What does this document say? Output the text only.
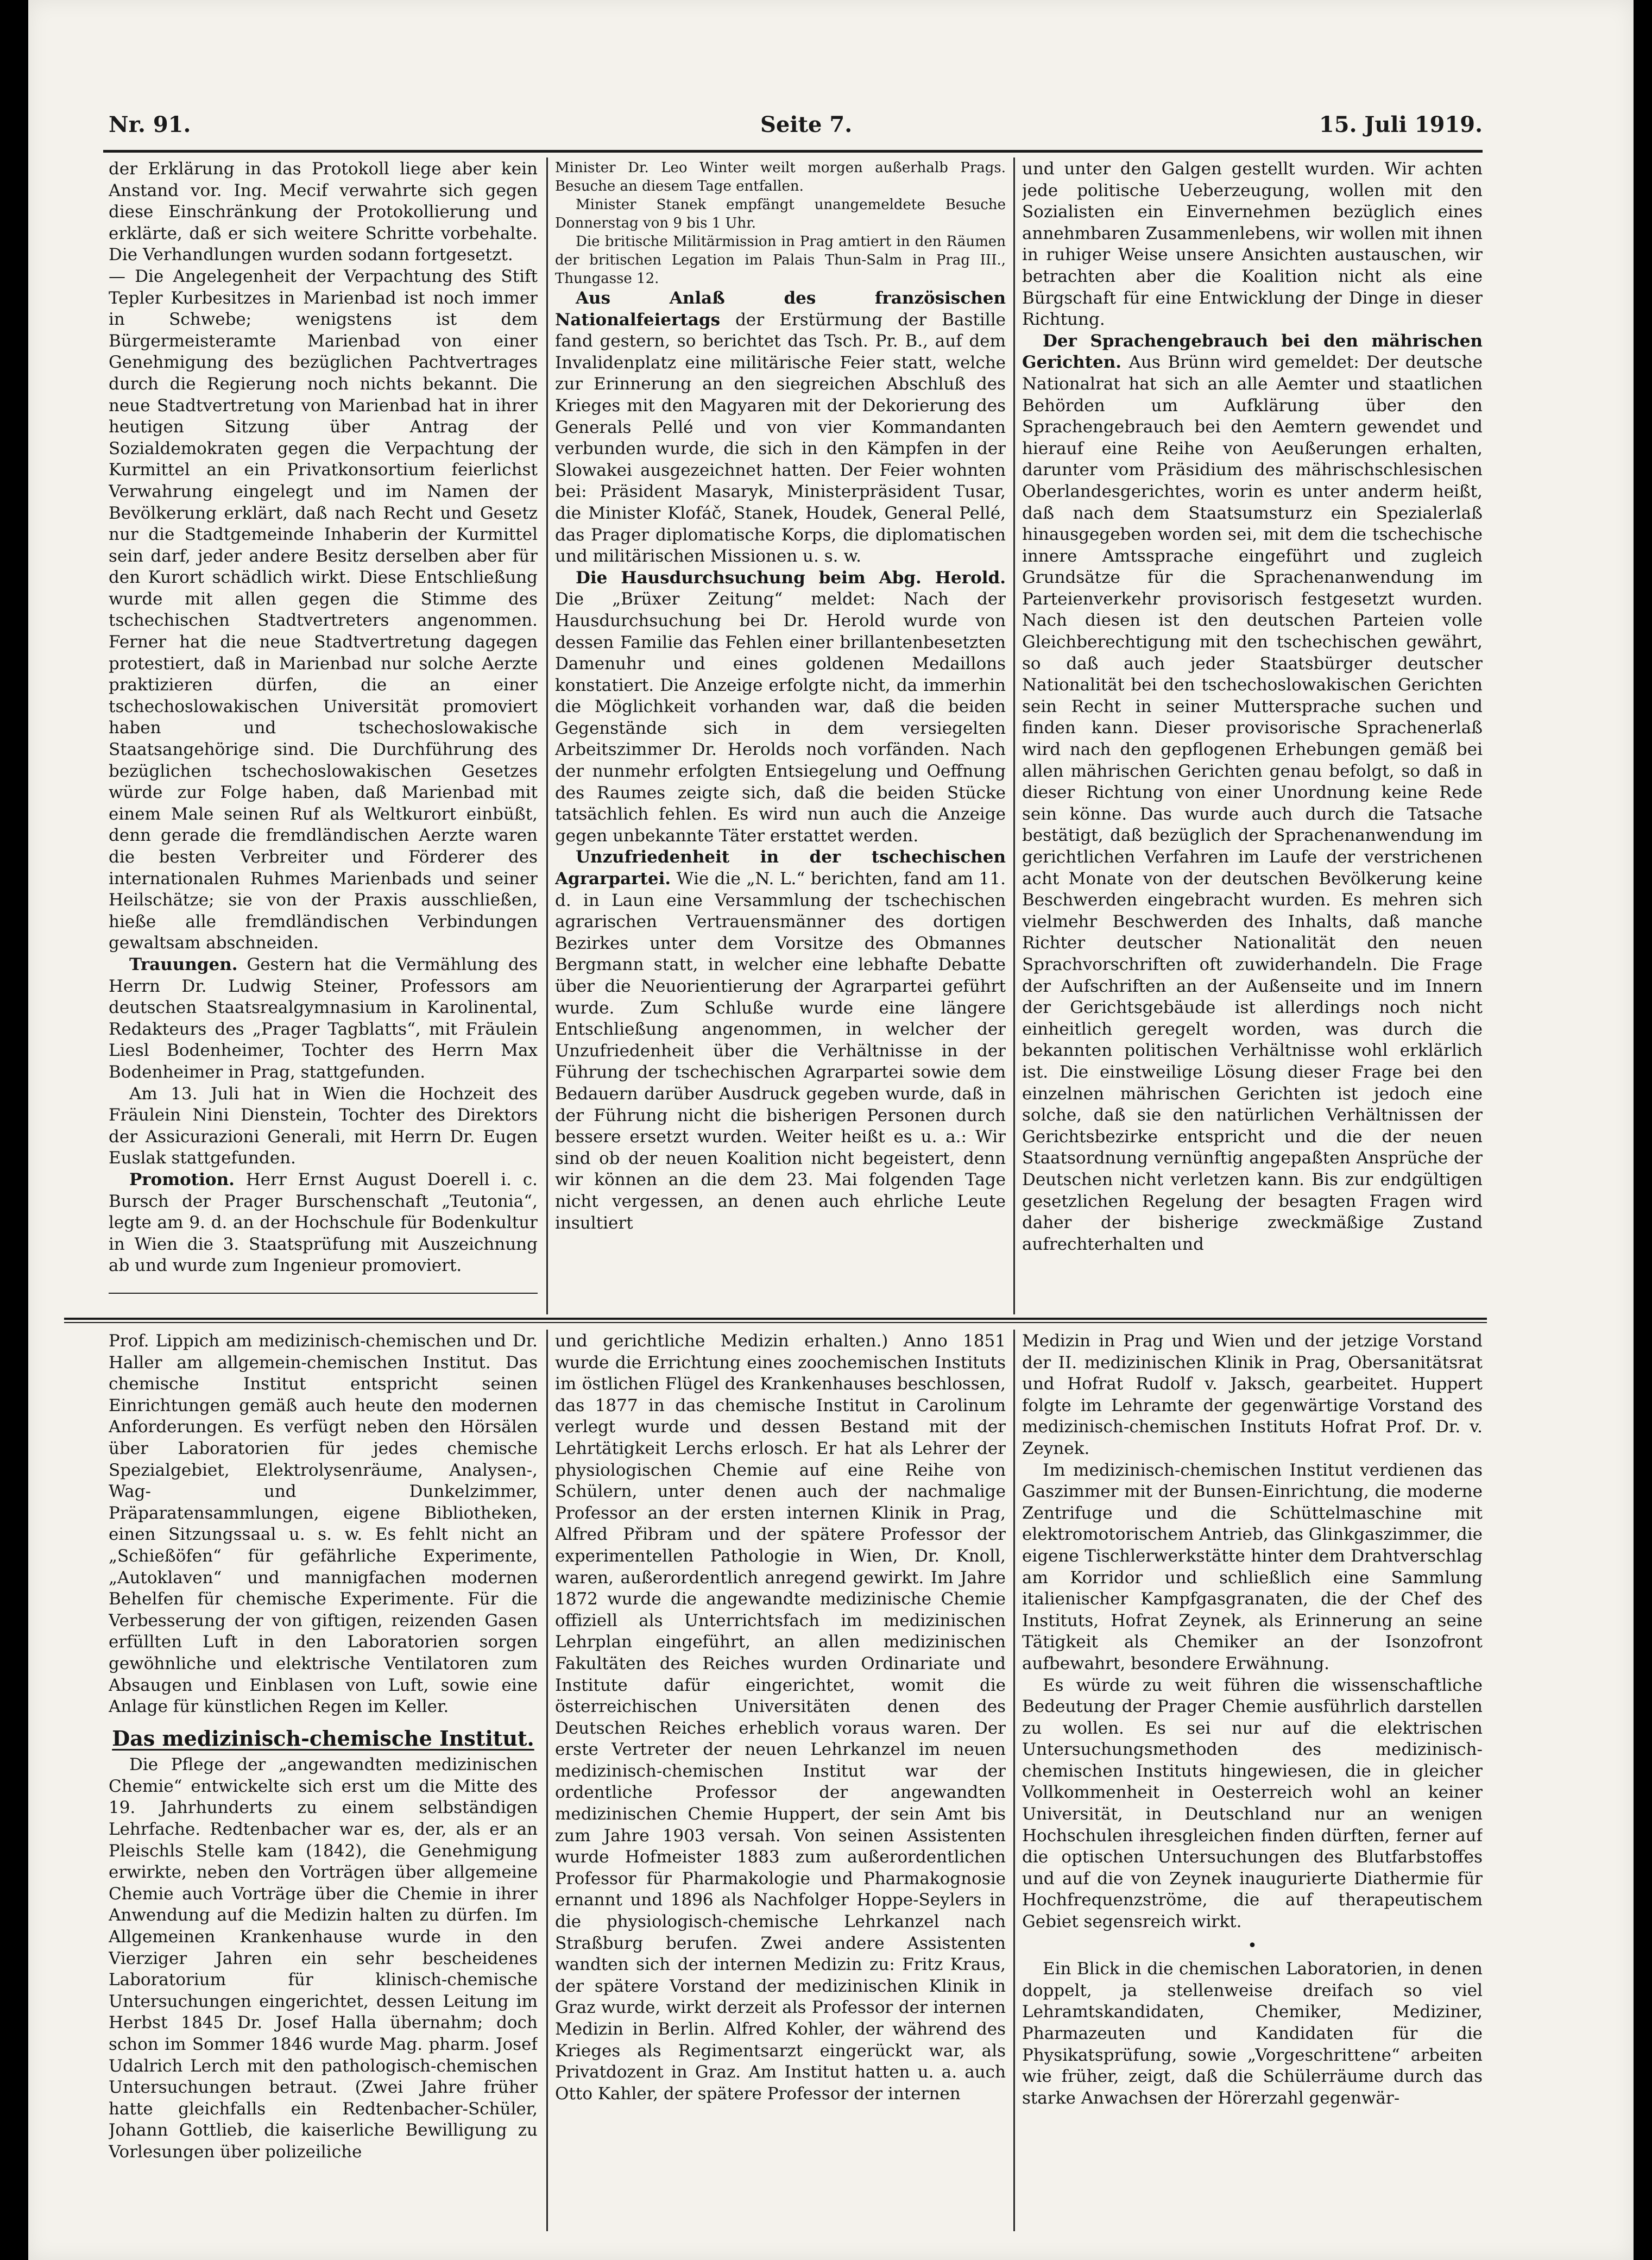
Nr. 91.	Seite 7.	15. Juli 1919.

der Erklärung in das Protokoll liege aber kein Anstand vor. Ing. Mecif verwahrte sich gegen diese Einschränkung der Protokollierung und erklärte, daß er sich weitere Schritte vorbehalte. Die Verhandlungen wurden sodann fortgesetzt.

— Die Angelegenheit der Verpachtung des Stift Tepler Kurbesitzes in Marienbad ist noch immer in Schwebe; wenigstens ist dem Bürgermeisteramte Marienbad von einer Genehmigung des bezüglichen Pachtvertrages durch die Regierung noch nichts bekannt. Die neue Stadtvertretung von Marienbad hat in ihrer heutigen Sitzung über Antrag der Sozialdemokraten gegen die Verpachtung der Kurmittel an ein Privatkonsortium feierlichst Verwahrung eingelegt und im Namen der Bevölkerung erklärt, daß nach Recht und Gesetz nur die Stadtgemeinde Inhaberin der Kurmittel sein darf, jeder andere Besitz derselben aber für den Kurort schädlich wirkt. Diese Entschließung wurde mit allen gegen die Stimme des tschechischen Stadtvertreters angenommen. Ferner hat die neue Stadtvertretung dagegen protestiert, daß in Marienbad nur solche Aerzte praktizieren dürfen, die an einer tschechoslowakischen Universität promoviert haben und tschechoslowakische Staatsangehörige sind. Die Durchführung des bezüglichen tschechoslowakischen Gesetzes würde zur Folge haben, daß Marienbad mit einem Male seinen Ruf als Weltkurort einbüßt, denn gerade die fremdländischen Aerzte waren die besten Verbreiter und Förderer des internationalen Ruhmes Marienbads und seiner Heilschätze; sie von der Praxis ausschließen, hieße alle fremdländischen Verbindungen gewaltsam abschneiden.

Trauungen. Gestern hat die Vermählung des Herrn Dr. Ludwig Steiner, Professors am deutschen Staatsrealgymnasium in Karolinental, Redakteurs des „Prager Tagblatts“, mit Fräulein Liesl Bodenheimer, Tochter des Herrn Max Bodenheimer in Prag, stattgefunden.

Am 13. Juli hat in Wien die Hochzeit des Fräulein Nini Dienstein, Tochter des Direktors der Assicurazioni Generali, mit Herrn Dr. Eugen Euslak stattgefunden.

Promotion. Herr Ernst August Doerell i. c. Bursch der Prager Burschenschaft „Teutonia“, legte am 9. d. an der Hochschule für Bodenkultur in Wien die 3. Staatsprüfung mit Auszeichnung ab und wurde zum Ingenieur promoviert.

Minister Dr. Leo Winter weilt morgen außerhalb Prags. Besuche an diesem Tage entfallen.

Minister Stanek empfängt unangemeldete Besuche Donnerstag von 9 bis 1 Uhr.

Die britische Militärmission in Prag amtiert in den Räumen der britischen Legation im Palais Thun-Salm in Prag III., Thungasse 12.

Aus Anlaß des französischen Nationalfeiertags der Erstürmung der Bastille fand gestern, so berichtet das Tsch. Pr. B., auf dem Invalidenplatz eine militärische Feier statt, welche zur Erinnerung an den siegreichen Abschluß des Krieges mit den Magyaren mit der Dekorierung des Generals Pellé und von vier Kommandanten verbunden wurde, die sich in den Kämpfen in der Slowakei ausgezeichnet hatten. Der Feier wohnten bei: Präsident Masaryk, Ministerpräsident Tusar, die Minister Klofáč, Stanek, Houdek, General Pellé, das Prager diplomatische Korps, die diplomatischen und militärischen Missionen u. s. w.

Die Hausdurchsuchung beim Abg. Herold. Die „Brüxer Zeitung“ meldet: Nach der Hausdurchsuchung bei Dr. Herold wurde von dessen Familie das Fehlen einer brillantenbesetzten Damenuhr und eines goldenen Medaillons konstatiert. Die Anzeige erfolgte nicht, da immerhin die Möglichkeit vorhanden war, daß die beiden Gegenstände sich in dem versiegelten Arbeitszimmer Dr. Herolds noch vorfänden. Nach der nunmehr erfolgten Entsiegelung und Oeffnung des Raumes zeigte sich, daß die beiden Stücke tatsächlich fehlen. Es wird nun auch die Anzeige gegen unbekannte Täter erstattet werden.

Unzufriedenheit in der tschechischen Agrarpartei. Wie die „N. L.“ berichten, fand am 11. d. in Laun eine Versammlung der tschechischen agrarischen Vertrauensmänner des dortigen Bezirkes unter dem Vorsitze des Obmannes Bergmann statt, in welcher eine lebhafte Debatte über die Neuorientierung der Agrarpartei geführt wurde. Zum Schluße wurde eine längere Entschließung angenommen, in welcher der Unzufriedenheit über die Verhältnisse in der Führung der tschechischen Agrarpartei sowie dem Bedauern darüber Ausdruck gegeben wurde, daß in der Führung nicht die bisherigen Personen durch bessere ersetzt wurden. Weiter heißt es u. a.: Wir sind ob der neuen Koalition nicht begeistert, denn wir können an die dem 23. Mai folgenden Tage nicht vergessen, an denen auch ehrliche Leute insultiert

und unter den Galgen gestellt wurden. Wir achten jede politische Ueberzeugung, wollen mit den Sozialisten ein Einvernehmen bezüglich eines annehmbaren Zusammenlebens, wir wollen mit ihnen in ruhiger Weise unsere Ansichten austauschen, wir betrachten aber die Koalition nicht als eine Bürgschaft für eine Entwicklung der Dinge in dieser Richtung.

Der Sprachengebrauch bei den mährischen Gerichten. Aus Brünn wird gemeldet: Der deutsche Nationalrat hat sich an alle Aemter und staatlichen Behörden um Aufklärung über den Sprachengebrauch bei den Aemtern gewendet und hierauf eine Reihe von Aeußerungen erhalten, darunter vom Präsidium des mährischschlesischen Oberlandesgerichtes, worin es unter anderm heißt, daß nach dem Staatsumsturz ein Spezialerlaß hinausgegeben worden sei, mit dem die tschechische innere Amtssprache eingeführt und zugleich Grundsätze für die Sprachenanwendung im Parteienverkehr provisorisch festgesetzt wurden. Nach diesen ist den deutschen Parteien volle Gleichberechtigung mit den tschechischen gewährt, so daß auch jeder Staatsbürger deutscher Nationalität bei den tschechoslowakischen Gerichten sein Recht in seiner Muttersprache suchen und finden kann. Dieser provisorische Sprachenerlaß wird nach den gepflogenen Erhebungen gemäß bei allen mährischen Gerichten genau befolgt, so daß in dieser Richtung von einer Unordnung keine Rede sein könne. Das wurde auch durch die Tatsache bestätigt, daß bezüglich der Sprachenanwendung im gerichtlichen Verfahren im Laufe der verstrichenen acht Monate von der deutschen Bevölkerung keine Beschwerden eingebracht wurden. Es mehren sich vielmehr Beschwerden des Inhalts, daß manche Richter deutscher Nationalität den neuen Sprachvorschriften oft zuwiderhandeln. Die Frage der Aufschriften an der Außenseite und im Innern der Gerichtsgebäude ist allerdings noch nicht einheitlich geregelt worden, was durch die bekannten politischen Verhältnisse wohl erklärlich ist. Die einstweilige Lösung dieser Frage bei den einzelnen mährischen Gerichten ist jedoch eine solche, daß sie den natürlichen Verhältnissen der Gerichtsbezirke entspricht und die der neuen Staatsordnung vernünftig angepaßten Ansprüche der Deutschen nicht verletzen kann. Bis zur endgültigen gesetzlichen Regelung der besagten Fragen wird daher der bisherige zweckmäßige Zustand aufrechterhalten und

Prof. Lippich am medizinisch-chemischen und Dr. Haller am allgemein-chemischen Institut. Das chemische Institut entspricht seinen Einrichtungen gemäß auch heute den modernen Anforderungen. Es verfügt neben den Hörsälen über Laboratorien für jedes chemische Spezialgebiet, Elektrolysenräume, Analysen-, Wag- und Dunkelzimmer, Präparatensammlungen, eigene Bibliotheken, einen Sitzungssaal u. s. w. Es fehlt nicht an „Schießöfen“ für gefährliche Experimente, „Autoklaven“ und mannigfachen modernen Behelfen für chemische Experimente. Für die Verbesserung der von giftigen, reizenden Gasen erfüllten Luft in den Laboratorien sorgen gewöhnliche und elektrische Ventilatoren zum Absaugen und Einblasen von Luft, sowie eine Anlage für künstlichen Regen im Keller.

Das medizinisch-chemische Institut.

Die Pflege der „angewandten medizinischen Chemie“ entwickelte sich erst um die Mitte des 19. Jahrhunderts zu einem selbständigen Lehrfache. Redtenbacher war es, der, als er an Pleischls Stelle kam (1842), die Genehmigung erwirkte, neben den Vorträgen über allgemeine Chemie auch Vorträge über die Chemie in ihrer Anwendung auf die Medizin halten zu dürfen. Im Allgemeinen Krankenhause wurde in den Vierziger Jahren ein sehr bescheidenes Laboratorium für klinisch-chemische Untersuchungen eingerichtet, dessen Leitung im Herbst 1845 Dr. Josef Halla übernahm; doch schon im Sommer 1846 wurde Mag. pharm. Josef Udalrich Lerch mit den pathologisch-chemischen Untersuchungen betraut. (Zwei Jahre früher hatte gleichfalls ein Redtenbacher-Schüler, Johann Gottlieb, die kaiserliche Bewilligung zu Vorlesungen über polizeiliche

und gerichtliche Medizin erhalten.) Anno 1851 wurde die Errichtung eines zoochemischen Instituts im östlichen Flügel des Krankenhauses beschlossen, das 1877 in das chemische Institut in Carolinum verlegt wurde und dessen Bestand mit der Lehrtätigkeit Lerchs erlosch. Er hat als Lehrer der physiologischen Chemie auf eine Reihe von Schülern, unter denen auch der nachmalige Professor an der ersten internen Klinik in Prag, Alfred Přibram und der spätere Professor der experimentellen Pathologie in Wien, Dr. Knoll, waren, außerordentlich anregend gewirkt. Im Jahre 1872 wurde die angewandte medizinische Chemie offiziell als Unterrichtsfach im medizinischen Lehrplan eingeführt, an allen medizinischen Fakultäten des Reiches wurden Ordinariate und Institute dafür eingerichtet, womit die österreichischen Universitäten denen des Deutschen Reiches erheblich voraus waren. Der erste Vertreter der neuen Lehrkanzel im neuen medizinisch-chemischen Institut war der ordentliche Professor der angewandten medizinischen Chemie Huppert, der sein Amt bis zum Jahre 1903 versah. Von seinen Assistenten wurde Hofmeister 1883 zum außerordentlichen Professor für Pharmakologie und Pharmakognosie ernannt und 1896 als Nachfolger Hoppe-Seylers in die physiologisch-chemische Lehrkanzel nach Straßburg berufen. Zwei andere Assistenten wandten sich der internen Medizin zu: Fritz Kraus, der spätere Vorstand der medizinischen Klinik in Graz wurde, wirkt derzeit als Professor der internen Medizin in Berlin. Alfred Kohler, der während des Krieges als Regimentsarzt eingerückt war, als Privatdozent in Graz. Am Institut hatten u. a. auch Otto Kahler, der spätere Professor der internen

Medizin in Prag und Wien und der jetzige Vorstand der II. medizinischen Klinik in Prag, Obersanitätsrat und Hofrat Rudolf v. Jaksch, gearbeitet. Huppert folgte im Lehramte der gegenwärtige Vorstand des medizinisch-chemischen Instituts Hofrat Prof. Dr. v. Zeynek.

Im medizinisch-chemischen Institut verdienen das Gaszimmer mit der Bunsen-Einrichtung, die moderne Zentrifuge und die Schüttelmaschine mit elektromotorischem Antrieb, das Glinkgaszimmer, die eigene Tischlerwerkstätte hinter dem Drahtverschlag am Korridor und schließlich eine Sammlung italienischer Kampfgasgranaten, die der Chef des Instituts, Hofrat Zeynek, als Erinnerung an seine Tätigkeit als Chemiker an der Isonzofront aufbewahrt, besondere Erwähnung.

Es würde zu weit führen die wissenschaftliche Bedeutung der Prager Chemie ausführlich darstellen zu wollen. Es sei nur auf die elektrischen Untersuchungsmethoden des medizinisch-chemischen Instituts hingewiesen, die in gleicher Vollkommenheit in Oesterreich wohl an keiner Universität, in Deutschland nur an wenigen Hochschulen ihresgleichen finden dürften, ferner auf die optischen Untersuchungen des Blutfarbstoffes und auf die von Zeynek inaugurierte Diathermie für Hochfrequenzströme, die auf therapeutischem Gebiet segensreich wirkt.

•

Ein Blick in die chemischen Laboratorien, in denen doppelt, ja stellenweise dreifach so viel Lehramtskandidaten, Chemiker, Mediziner, Pharmazeuten und Kandidaten für die Physikatsprüfung, sowie „Vorgeschrittene“ arbeiten wie früher, zeigt, daß die Schülerräume durch das starke Anwachsen der Hörerzahl gegenwär-
